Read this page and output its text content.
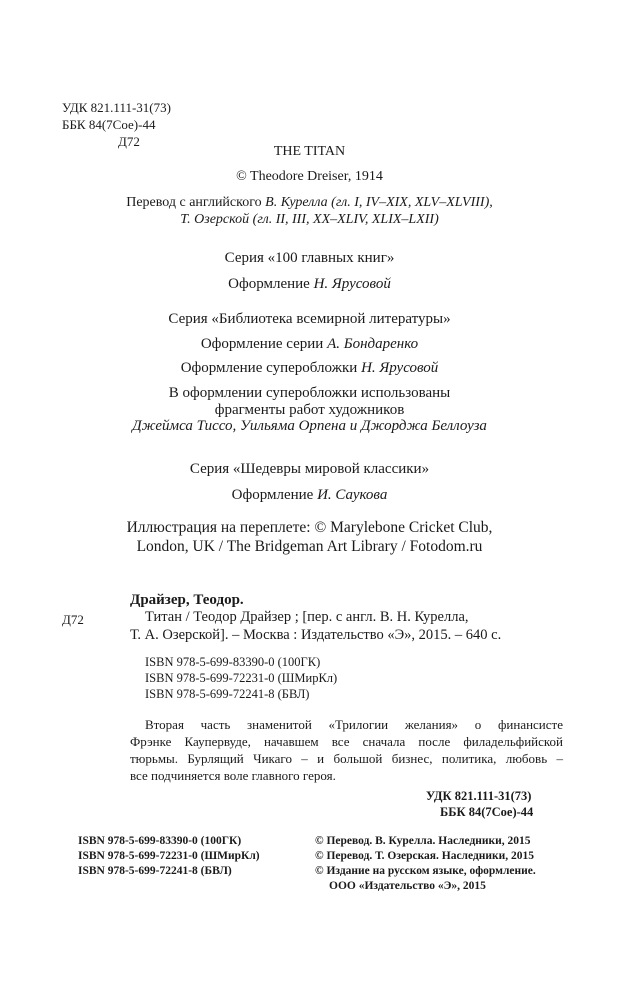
УДК 821.111-31(73)
ББК 84(7Сое)-44
Д72
THE TITAN
© Theodore Dreiser, 1914
Перевод с английского В. Курелла (гл. I, IV–XIX, XLV–XLVIII),
Т. Озерской (гл. II, III, XX–XLIV, XLIX–LXII)
Серия «100 главных книг»
Оформление Н. Ярусовой
Серия «Библиотека всемирной литературы»
Оформление серии А. Бондаренко
Оформление суперобложки Н. Ярусовой
В оформлении суперобложки использованы
фрагменты работ художников
Джеймса Тиссо, Уильяма Орпена и Джорджа Беллоуза
Серия «Шедевры мировой классики»
Оформление И. Саукова
Иллюстрация на переплете: © Marylebone Cricket Club,
London, UK / The Bridgeman Art Library / Fotodom.ru
Драйзер, Теодор.
Д72	Титан / Теодор Драйзер ; [пер. с англ. В. Н. Курелла,
Т. А. Озерской]. – Москва : Издательство «Э», 2015. – 640 с.
ISBN 978-5-699-83390-0 (100ГК)
ISBN 978-5-699-72231-0 (ШМирКл)
ISBN 978-5-699-72241-8 (БВЛ)
Вторая часть знаменитой «Трилогии желания» о финансисте
Фрэнке Каупервуде, начавшем все сначала после филадельфийской
тюрьмы. Бурлящий Чикаго – и большой бизнес, политика, любовь –
все подчиняется воле главного героя.
УДК 821.111-31(73)
ББК 84(7Сое)-44
ISBN 978-5-699-83390-0 (100ГК)
ISBN 978-5-699-72231-0 (ШМирКл)
ISBN 978-5-699-72241-8 (БВЛ)
© Перевод. В. Курелла. Наследники, 2015
© Перевод. Т. Озерская. Наследники, 2015
© Издание на русском языке, оформление.
ООО «Издательство «Э», 2015
